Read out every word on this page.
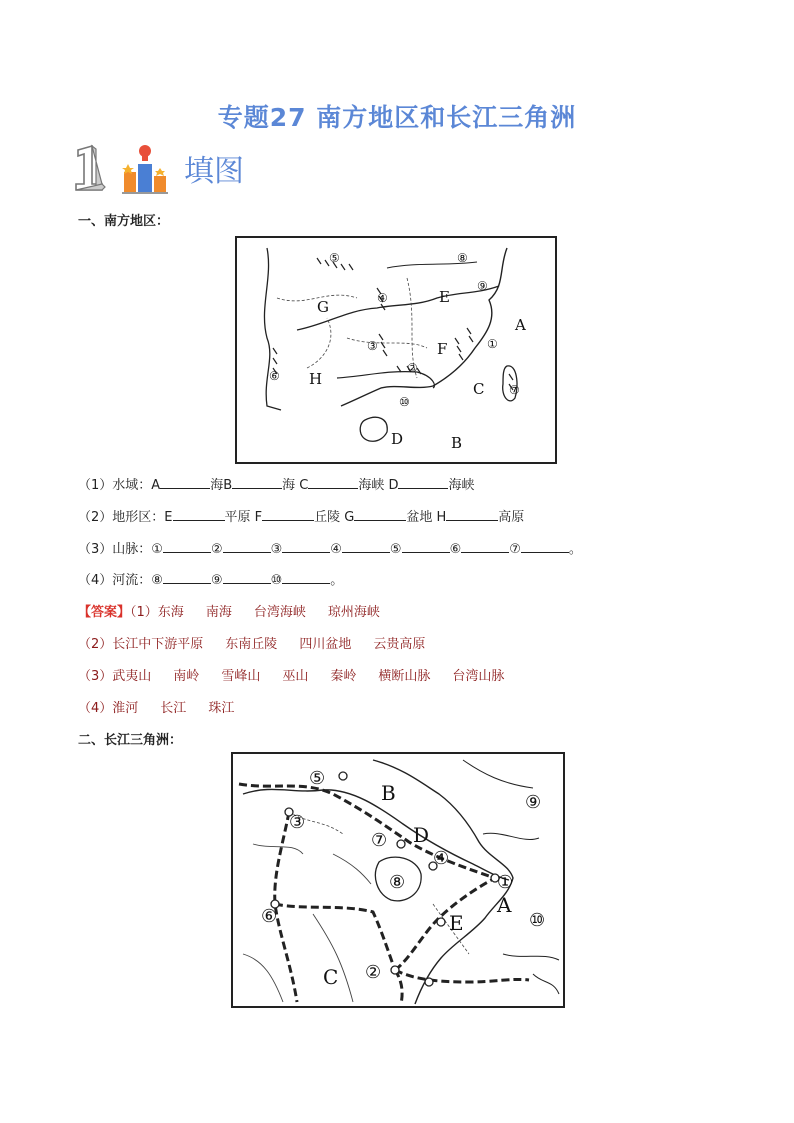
专题27 南方地区和长江三角洲
填图
一、南方地区：
A
B
C
D
E
F
G
H
①
②
③
④
⑤
⑥
⑦
⑧
⑨
⑩
（1）水域：A	海B	海 C	海峡 D	海峡
（2）地形区：E	平原 F	丘陵 G	盆地 H	高原
（3）山脉：①	②	③	④	⑤	⑥	⑦	。
（4）河流：⑧	⑨	⑩	。
【答案】（1）东海 南海 台湾海峡 琼州海峡
（2）长江中下游平原 东南丘陵 四川盆地 云贵高原
（3）武夷山 南岭 雪峰山 巫山 秦岭 横断山脉 台湾山脉
（4）淮河 长江 珠江
二、长江三角洲：
A
B
C
D
E
①
②
③
④
⑤
⑥
⑦
⑧
⑨
⑩
